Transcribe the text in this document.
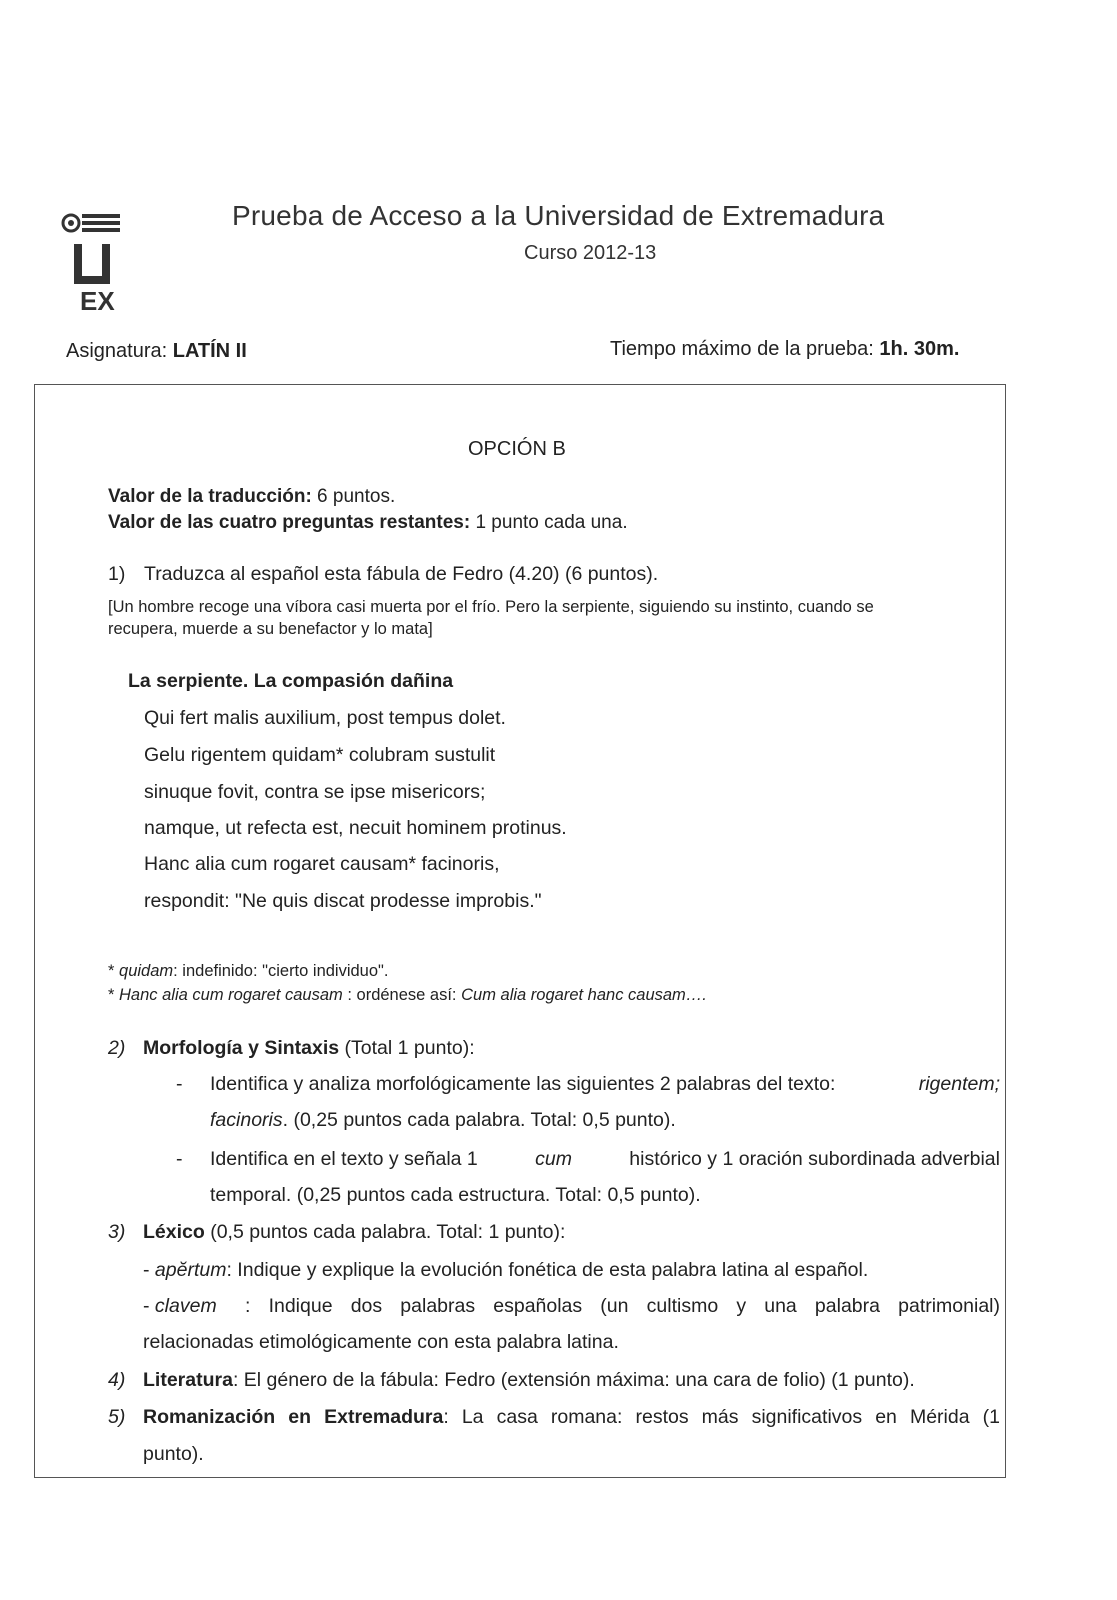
EX
Prueba de Acceso a la Universidad de Extremadura
Curso 2012-13
Asignatura: LATÍN II	Tiempo máximo de la prueba: 1h. 30m.
OPCIÓN B
Valor de la traducción: 6 puntos.
Valor de las cuatro preguntas restantes: 1 punto cada una.
1) Traduzca al español esta fábula de Fedro (4.20) (6 puntos).
[Un hombre recoge una víbora casi muerta por el frío. Pero la serpiente, siguiendo su instinto, cuando se
recupera, muerde a su benefactor y lo mata]
La serpiente. La compasión dañina
Qui fert malis auxilium, post tempus dolet.
Gelu rigentem quidam* colubram sustulit
sinuque fovit, contra se ipse misericors;
namque, ut refecta est, necuit hominem protinus.
Hanc alia cum rogaret causam* facinoris,
respondit: "Ne quis discat prodesse improbis."
* quidam: indefinido: "cierto individuo".
* Hanc alia cum rogaret causam : ordénese así: Cum alia rogaret hanc causam….
2) Morfología y Sintaxis (Total 1 punto):
- Identifica y analiza morfológicamente las siguientes 2 palabras del texto:	rigentem;
facinoris. (0,25 puntos cada palabra. Total: 0,5 punto).
- Identifica en el texto y señala 1	cum	histórico y 1 oración subordinada adverbial
temporal. (0,25 puntos cada estructura. Total: 0,5 punto).
3) Léxico (0,5 puntos cada palabra. Total: 1 punto):
- apĕrtum: Indique y explique la evolución fonética de esta palabra latina al español.
- clavem : Indique dos palabras españolas (un cultismo y una palabra patrimonial)
relacionadas etimológicamente con esta palabra latina.
4) Literatura: El género de la fábula: Fedro (extensión máxima: una cara de folio) (1 punto).
5) Romanización en Extremadura: La casa romana: restos más significativos en Mérida (1
punto).
